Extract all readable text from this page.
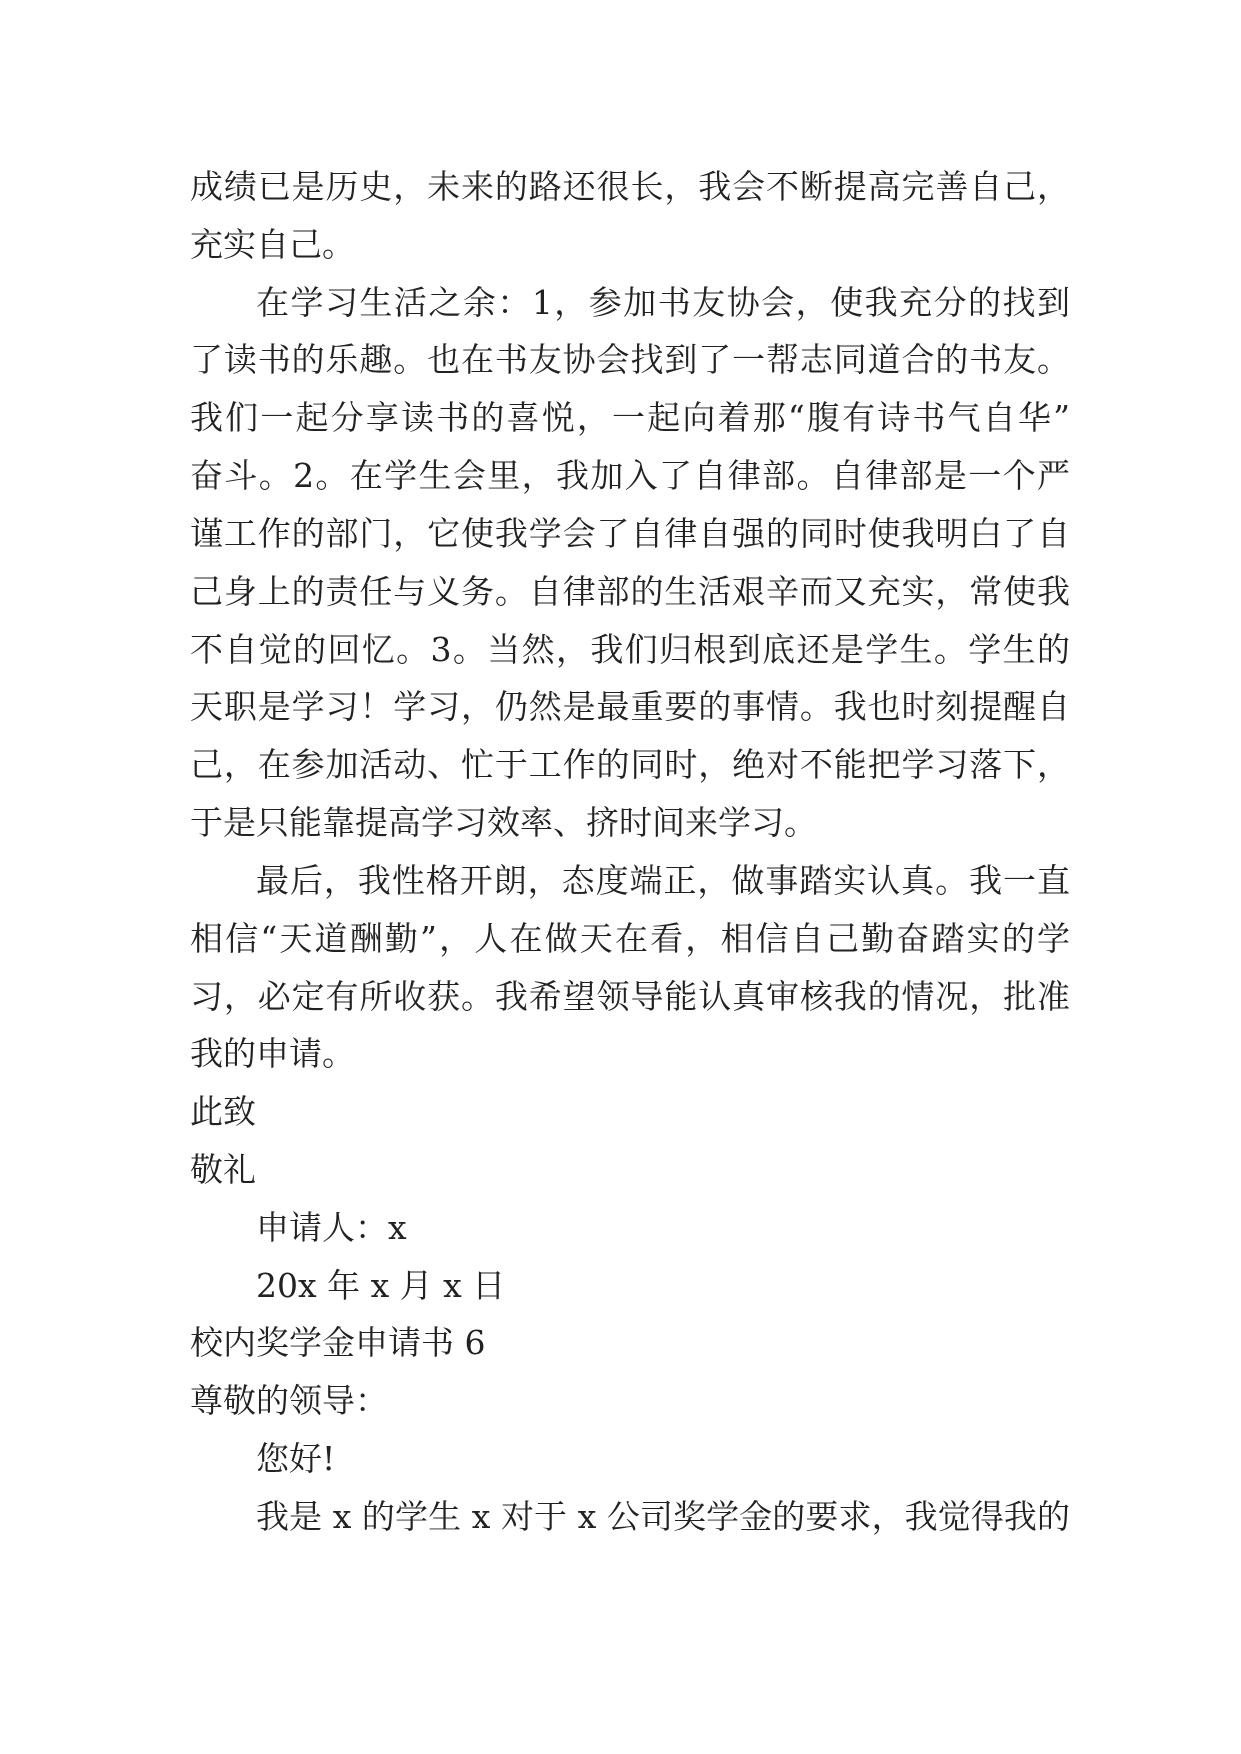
成绩已是历史，未来的路还很长，我会不断提高完善自己，
充实自己。
在学习生活之余：1，参加书友协会，使我充分的找到
了读书的乐趣。也在书友协会找到了一帮志同道合的书友。
我们一起分享读书的喜悦，一起向着那“腹有诗书气自华”
奋斗。2。在学生会里，我加入了自律部。自律部是一个严
谨工作的部门，它使我学会了自律自强的同时使我明白了自
己身上的责任与义务。自律部的生活艰辛而又充实，常使我
不自觉的回忆。3。当然，我们归根到底还是学生。学生的
天职是学习！学习，仍然是最重要的事情。我也时刻提醒自
己，在参加活动、忙于工作的同时，绝对不能把学习落下，
于是只能靠提高学习效率、挤时间来学习。
最后，我性格开朗，态度端正，做事踏实认真。我一直
相信“天道酬勤”，人在做天在看，相信自己勤奋踏实的学
习，必定有所收获。我希望领导能认真审核我的情况，批准
我的申请。
此致
敬礼
申请人：x
20x 年 x 月 x 日
校内奖学金申请书 6
尊敬的领导：
您好!
我是 x 的学生 x 对于 x 公司奖学金的要求，我觉得我的
